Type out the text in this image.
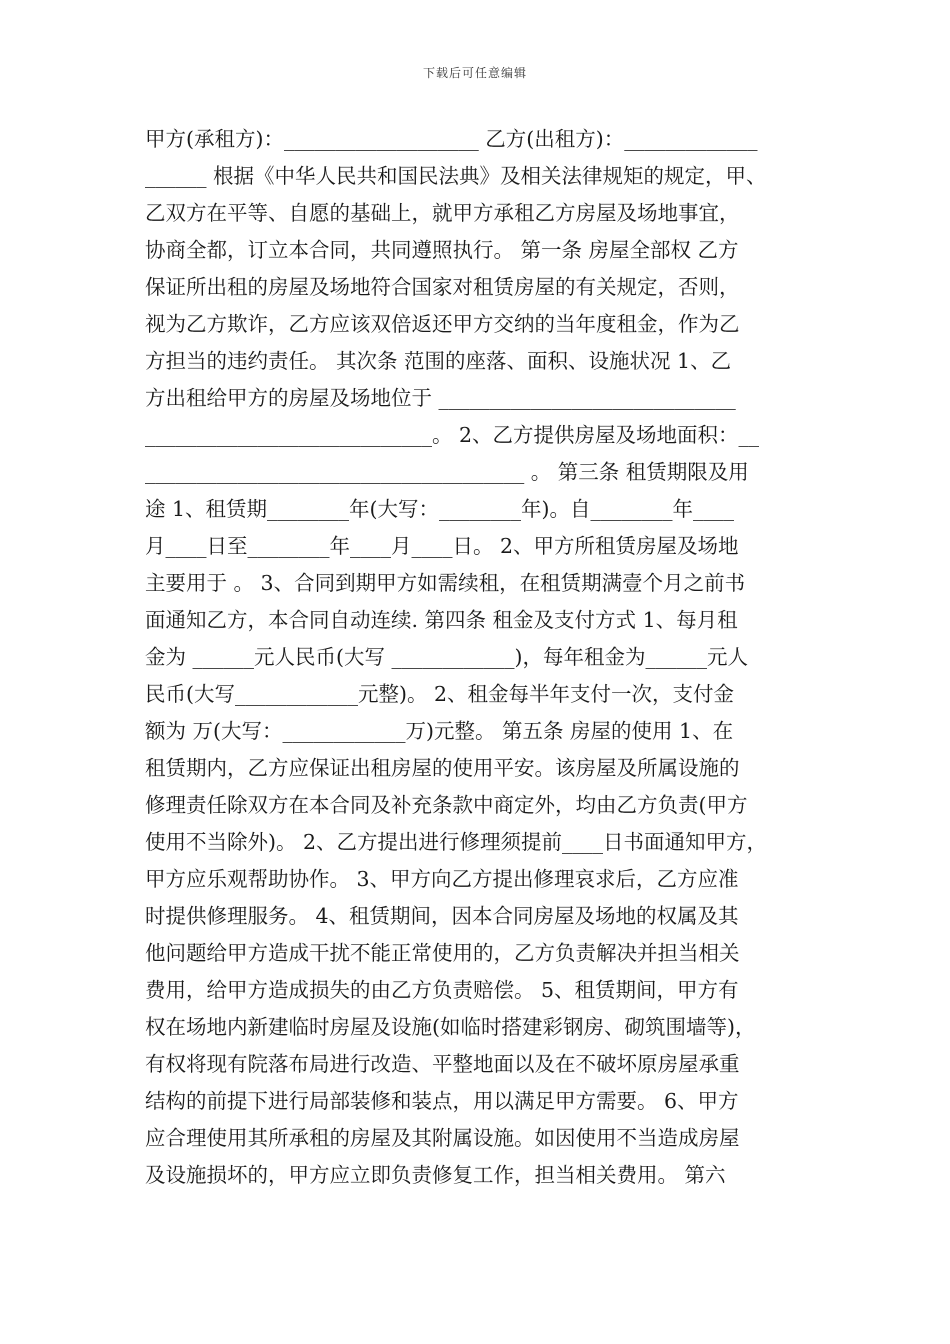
下载后可任意编辑
甲方(承租方)：___________________ 乙方(出租方)：_____________
______ 根据《中华人民共和国民法典》及相关法律规矩的规定，甲、
乙双方在平等、自愿的基础上，就甲方承租乙方房屋及场地事宜，
协商全都，订立本合同，共同遵照执行。 第一条 房屋全部权 乙方
保证所出租的房屋及场地符合国家对租赁房屋的有关规定，否则，
视为乙方欺诈，乙方应该双倍返还甲方交纳的当年度租金，作为乙
方担当的违约责任。 其次条 范围的座落、面积、设施状况 1、乙
方出租给甲方的房屋及场地位于 _____________________________
____________________________。 2、乙方提供房屋及场地面积：__
_____________________________________ 。 第三条 租赁期限及用
途 1、租赁期________年(大写：________年)。自________年____
月____日至________年____月____日。 2、甲方所租赁房屋及场地
主要用于 。 3、合同到期甲方如需续租，在租赁期满壹个月之前书
面通知乙方，本合同自动连续. 第四条 租金及支付方式 1、每月租
金为 ______元人民币(大写 ____________)，每年租金为______元人
民币(大写____________元整)。 2、租金每半年支付一次，支付金
额为 万(大写：____________万)元整。 第五条 房屋的使用 1、在
租赁期内，乙方应保证出租房屋的使用平安。该房屋及所属设施的
修理责任除双方在本合同及补充条款中商定外，均由乙方负责(甲方
使用不当除外)。 2、乙方提出进行修理须提前____日书面通知甲方，
甲方应乐观帮助协作。 3、甲方向乙方提出修理哀求后，乙方应准
时提供修理服务。 4、租赁期间，因本合同房屋及场地的权属及其
他问题给甲方造成干扰不能正常使用的，乙方负责解决并担当相关
费用，给甲方造成损失的由乙方负责赔偿。 5、租赁期间，甲方有
权在场地内新建临时房屋及设施(如临时搭建彩钢房、砌筑围墙等)，
有权将现有院落布局进行改造、平整地面以及在不破坏原房屋承重
结构的前提下进行局部装修和装点，用以满足甲方需要。 6、甲方
应合理使用其所承租的房屋及其附属设施。如因使用不当造成房屋
及设施损坏的，甲方应立即负责修复工作，担当相关费用。 第六
